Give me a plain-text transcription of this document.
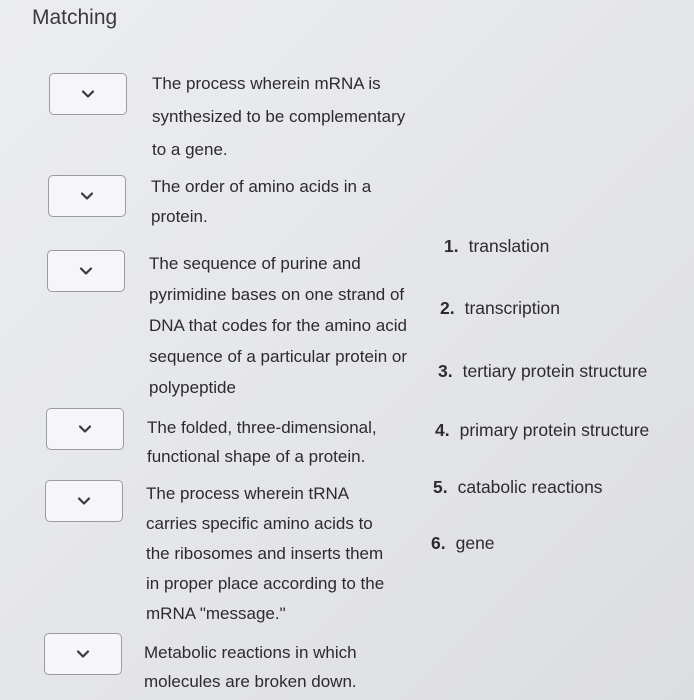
Matching
The process wherein mRNA is synthesized to be complementary to a gene.
The order of amino acids in a protein.
The sequence of purine and pyrimidine bases on one strand of DNA that codes for the amino acid sequence of a particular protein or polypeptide
The folded, three-dimensional, functional shape of a protein.
The process wherein tRNA carries specific amino acids to the ribosomes and inserts them in proper place according to the mRNA "message."
Metabolic reactions in which molecules are broken down.
1. translation
2. transcription
3. tertiary protein structure
4. primary protein structure
5. catabolic reactions
6. gene
